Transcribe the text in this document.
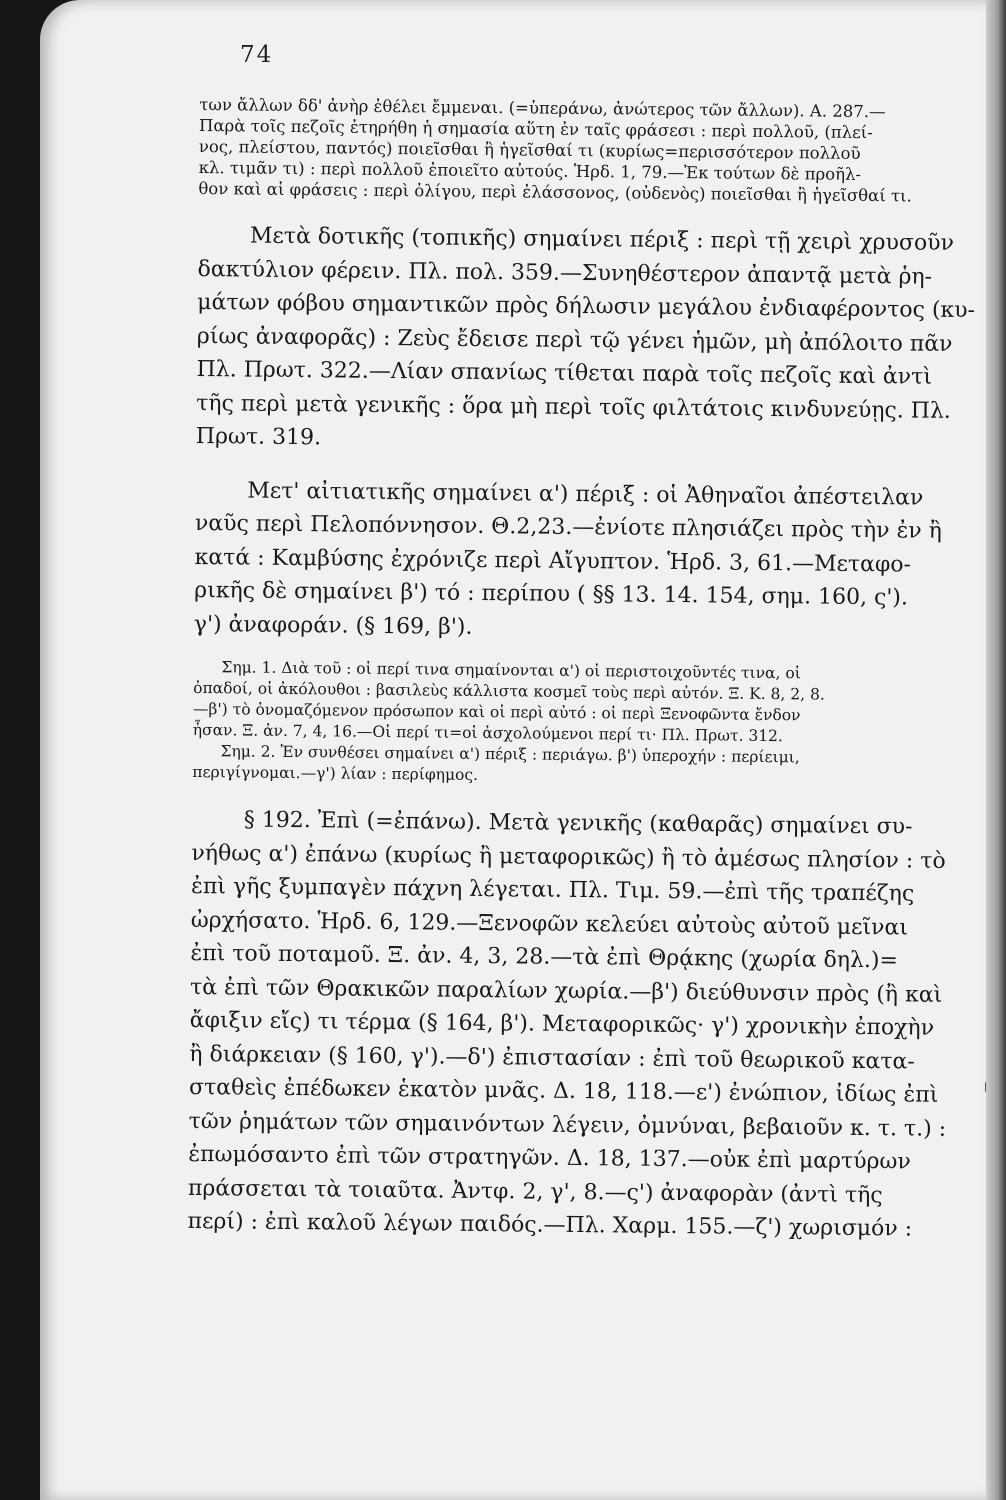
74
των ἄλλων δδ' ἀνὴρ ἐθέλει ἔμμεναι. (=ὑπεράνω, ἀνώτερος τῶν ἄλλων). Α. 287.—
Παρὰ τοῖς πεζοῖς ἐτηρήθη ἡ σημασία αὕτη ἐν ταῖς φράσεσι : περὶ πολλοῦ, (πλεί-
νος, πλείστου, παντός) ποιεῖσθαι ἢ ἡγεῖσθαί τι (κυρίως=περισσότερον πολλοῦ
κλ. τιμᾶν τι) : περὶ πολλοῦ ἐποιεῖτο αὐτούς. Ἡρδ. 1, 79.—Ἐκ τούτων δὲ προῆλ-
θον καὶ αἱ φράσεις : περὶ ὀλίγου, περὶ ἐλάσσονος, (οὐδενὸς) ποιεῖσθαι ἢ ἡγεῖσθαί τι.
Μετὰ δοτικῆς (τοπικῆς) σημαίνει πέριξ : περὶ τῇ χειρὶ χρυσοῦν
δακτύλιον φέρειν. Πλ. πολ. 359.—Συνηθέστερον ἀπαντᾷ μετὰ ῥη-
μάτων φόβου σημαντικῶν πρὸς δήλωσιν μεγάλου ἐνδιαφέροντος (κυ-
ρίως ἀναφορᾶς) : Ζεὺς ἔδεισε περὶ τῷ γένει ἡμῶν, μὴ ἀπόλοιτο πᾶν
Πλ. Πρωτ. 322.—Λίαν σπανίως τίθεται παρὰ τοῖς πεζοῖς καὶ ἀντὶ
τῆς περὶ μετὰ γενικῆς : ὅρα μὴ περὶ τοῖς φιλτάτοις κινδυνεύῃς. Πλ.
Πρωτ. 319.
Μετ' αἰτιατικῆς σημαίνει α') πέριξ : οἱ Ἀθηναῖοι ἀπέστειλαν
ναῦς περὶ Πελοπόννησον. Θ.2,23.—ἐνίοτε πλησιάζει πρὸς τὴν ἐν ἢ
κατά : Καμβύσης ἐχρόνιζε περὶ Αἴγυπτον. Ἡρδ. 3, 61.—Μεταφο-
ρικῆς δὲ σημαίνει β') τό : περίπου ( §§ 13. 14. 154, σημ. 160, ς').
γ') ἀναφοράν. (§ 169, β').
Σημ. 1. Διὰ τοῦ : οἱ περί τινα σημαίνονται α') οἱ περιστοιχοῦντές τινα, οἱ
ὀπαδοί, οἱ ἀκόλουθοι : βασιλεὺς κάλλιστα κοσμεῖ τοὺς περὶ αὐτόν. Ξ. Κ. 8, 2, 8.
—β') τὸ ὀνομαζόμενον πρόσωπον καὶ οἱ περὶ αὐτό : οἱ περὶ Ξενοφῶντα ἔνδον
ἦσαν. Ξ. ἀν. 7, 4, 16.—Οἱ περί τι=οἱ ἀσχολούμενοι περί τι· Πλ. Πρωτ. 312.
Σημ. 2. Ἐν συνθέσει σημαίνει α') πέριξ : περιάγω. β') ὑπεροχήν : περίειμι,
περιγίγνομαι.—γ') λίαν : περίφημος.
§ 192. Ἐπὶ (=ἐπάνω). Μετὰ γενικῆς (καθαρᾶς) σημαίνει συ-
νήθως α') ἐπάνω (κυρίως ἢ μεταφορικῶς) ἢ τὸ ἀμέσως πλησίον : τὸ
ἐπὶ γῆς ξυμπαγὲν πάχνη λέγεται. Πλ. Τιμ. 59.—ἐπὶ τῆς τραπέζης
ὠρχήσατο. Ἡρδ. 6, 129.—Ξενοφῶν κελεύει αὐτοὺς αὐτοῦ μεῖναι
ἐπὶ τοῦ ποταμοῦ. Ξ. ἀν. 4, 3, 28.—τὰ ἐπὶ Θρᾴκης (χωρία δηλ.)=
τὰ ἐπὶ τῶν Θρακικῶν παραλίων χωρία.—β') διεύθυνσιν πρὸς (ἢ καὶ
ἄφιξιν εἴς) τι τέρμα (§ 164, β'). Μεταφορικῶς· γ') χρονικὴν ἐποχὴν
ἢ διάρκειαν (§ 160, γ').—δ') ἐπιστασίαν : ἐπὶ τοῦ θεωρικοῦ κατα-
σταθεὶς ἐπέδωκεν ἑκατὸν μνᾶς. Δ. 18, 118.—ε') ἐνώπιον, ἰδίως ἐπὶ
τῶν ῥημάτων τῶν σημαινόντων λέγειν, ὀμνύναι, βεβαιοῦν κ. τ. τ.) :
ἐπωμόσαντο ἐπὶ τῶν στρατηγῶν. Δ. 18, 137.—οὐκ ἐπὶ μαρτύρων
πράσσεται τὰ τοιαῦτα. Ἀντφ. 2, γ', 8.—ς') ἀναφορὰν (ἀντὶ τῆς
περί) : ἐπὶ καλοῦ λέγων παιδός.—Πλ. Χαρμ. 155.—ζ') χωρισμόν :
